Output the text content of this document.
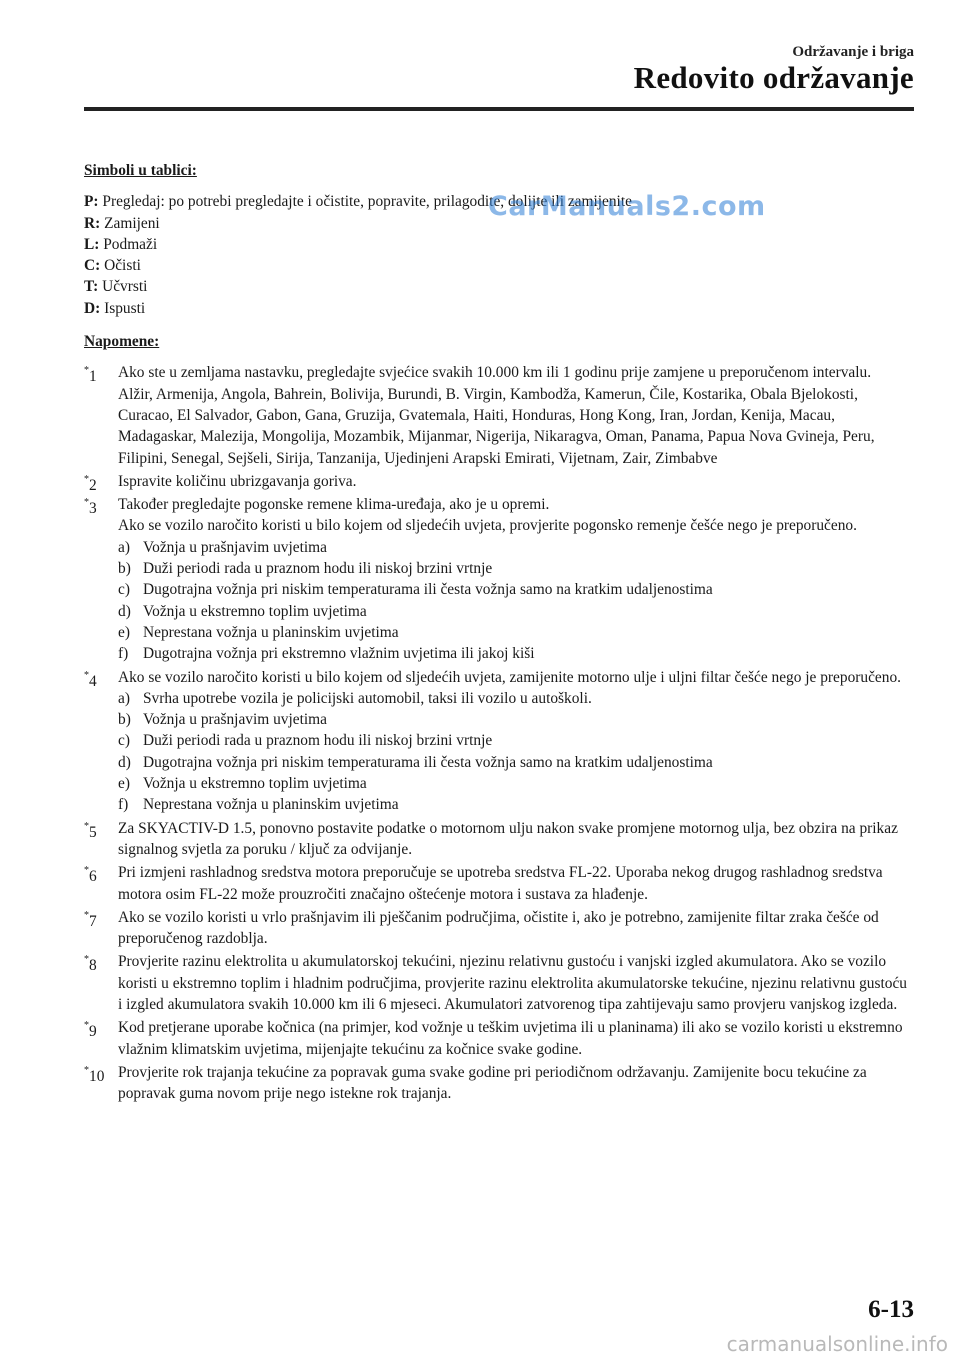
Održavanje i briga
Redovito održavanje
Simboli u tablici:

P: Pregledaj: po potrebi pregledajte i očistite, popravite, prilagodite, dolijte ili zamijenite

R: Zamijeni

L: Podmaži

C: Očisti

T: Učvrsti

D: Ispusti

Napomene:
*1 Ako ste u zemljama nastavku, pregledajte svjećice svakih 10.000 km ili 1 godinu prije zamjene u preporučenom intervalu.

Alžir, Armenija, Angola, Bahrein, Bolivija, Burundi, B. Virgin, Kambodža, Kamerun, Čile, Kostarika, Obala Bjelokosti, Curacao, El Salvador, Gabon, Gana, Gruzija, Gvatemala, Haiti, Honduras, Hong Kong, Iran, Jordan, Kenija, Macau, Madagaskar, Malezija, Mongolija, Mozambik, Mijanmar, Nigerija, Nikaragva, Oman, Panama, Papua Nova Gvineja, Peru, Filipini, Senegal, Sejšeli, Sirija, Tanzanija, Ujedinjeni Arapski Emirati, Vijetnam, Zair, Zimbabve

*2 Ispravite količinu ubrizgavanja goriva.

*3 Također pregledajte pogonske remene klima-uređaja, ako je u opremi.

Ako se vozilo naročito koristi u bilo kojem od sljedećih uvjeta, provjerite pogonsko remenje češće nego je preporučeno.

a) Vožnja u prašnjavim uvjetima

b) Duži periodi rada u praznom hodu ili niskoj brzini vrtnje

c) Dugotrajna vožnja pri niskim temperaturama ili česta vožnja samo na kratkim udaljenostima

d) Vožnja u ekstremno toplim uvjetima

e) Neprestana vožnja u planinskim uvjetima

f) Dugotrajna vožnja pri ekstremno vlažnim uvjetima ili jakoj kiši

*4 Ako se vozilo naročito koristi u bilo kojem od sljedećih uvjeta, zamijenite motorno ulje i uljni filtar češće nego je preporučeno.

a) Svrha upotrebe vozila je policijski automobil, taksi ili vozilo u autoškoli.

b) Vožnja u prašnjavim uvjetima

c) Duži periodi rada u praznom hodu ili niskoj brzini vrtnje

d) Dugotrajna vožnja pri niskim temperaturama ili česta vožnja samo na kratkim udaljenostima

e) Vožnja u ekstremno toplim uvjetima

f) Neprestana vožnja u planinskim uvjetima

*5 Za SKYACTIV-D 1.5, ponovno postavite podatke o motornom ulju nakon svake promjene motornog ulja, bez obzira na prikaz signalnog svjetla za poruku / ključ za odvijanje.

*6 Pri izmjeni rashladnog sredstva motora preporučuje se upotreba sredstva FL-22. Uporaba nekog drugog rashladnog sredstva motora osim FL-22 može prouzročiti značajno oštećenje motora i sustava za hlađenje.

*7 Ako se vozilo koristi u vrlo prašnjavim ili pješčanim područjima, očistite i, ako je potrebno, zamijenite filtar zraka češće od preporučenog razdoblja.

*8 Provjerite razinu elektrolita u akumulatorskoj tekućini, njezinu relativnu gustoću i vanjski izgled akumulatora. Ako se vozilo koristi u ekstremno toplim i hladnim područjima, provjerite razinu elektrolita akumulatorske tekućine, njezinu relativnu gustoću i izgled akumulatora svakih 10.000 km ili 6 mjeseci. Akumulatori zatvorenog tipa zahtijevaju samo provjeru vanjskog izgleda.

*9 Kod pretjerane uporabe kočnica (na primjer, kod vožnje u teškim uvjetima ili u planinama) ili ako se vozilo koristi u ekstremno vlažnim klimatskim uvjetima, mijenjajte tekućinu za kočnice svake godine.

*10 Provjerite rok trajanja tekućine za popravak guma svake godine pri periodičnom održavanju. Zamijenite bocu tekućine za popravak guma novom prije nego istekne rok trajanja.

CarManuals2.com
6-13
carmanualsonline.info
